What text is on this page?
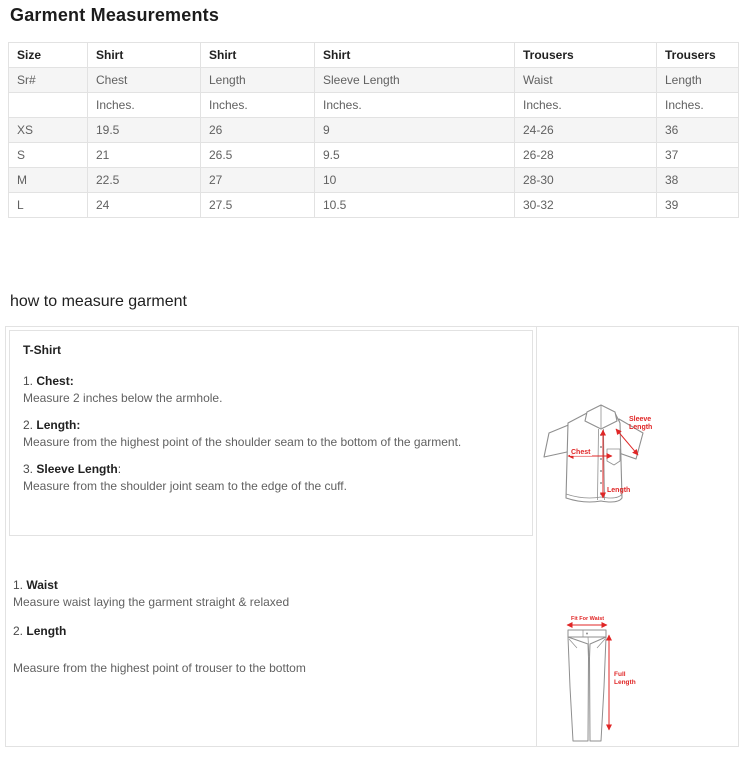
Garment Measurements
Size	Shirt	Shirt	Shirt	Trousers	Trousers
Sr#	Chest	Length	Sleeve Length	Waist	Length
	Inches.	Inches.	Inches.	Inches.	Inches.
XS	19.5	26	9	24-26	36
S	21	26.5	9.5	26-28	37
M	22.5	27	10	28-30	38
L	24	27.5	10.5	30-32	39
how to measure garment
T-Shirt
1. Chest:
Measure 2 inches below the armhole.
2. Length:
Measure from the highest point of the shoulder seam to the bottom of the garment.
3. Sleeve Length:
Measure from the shoulder joint seam to the edge of the cuff.
1. Waist
Measure waist laying the garment straight & relaxed
2. Length
Measure from the highest point of trouser to the bottom
Chest
Length
Sleeve
Length
Fit For Waist
Full
Length
